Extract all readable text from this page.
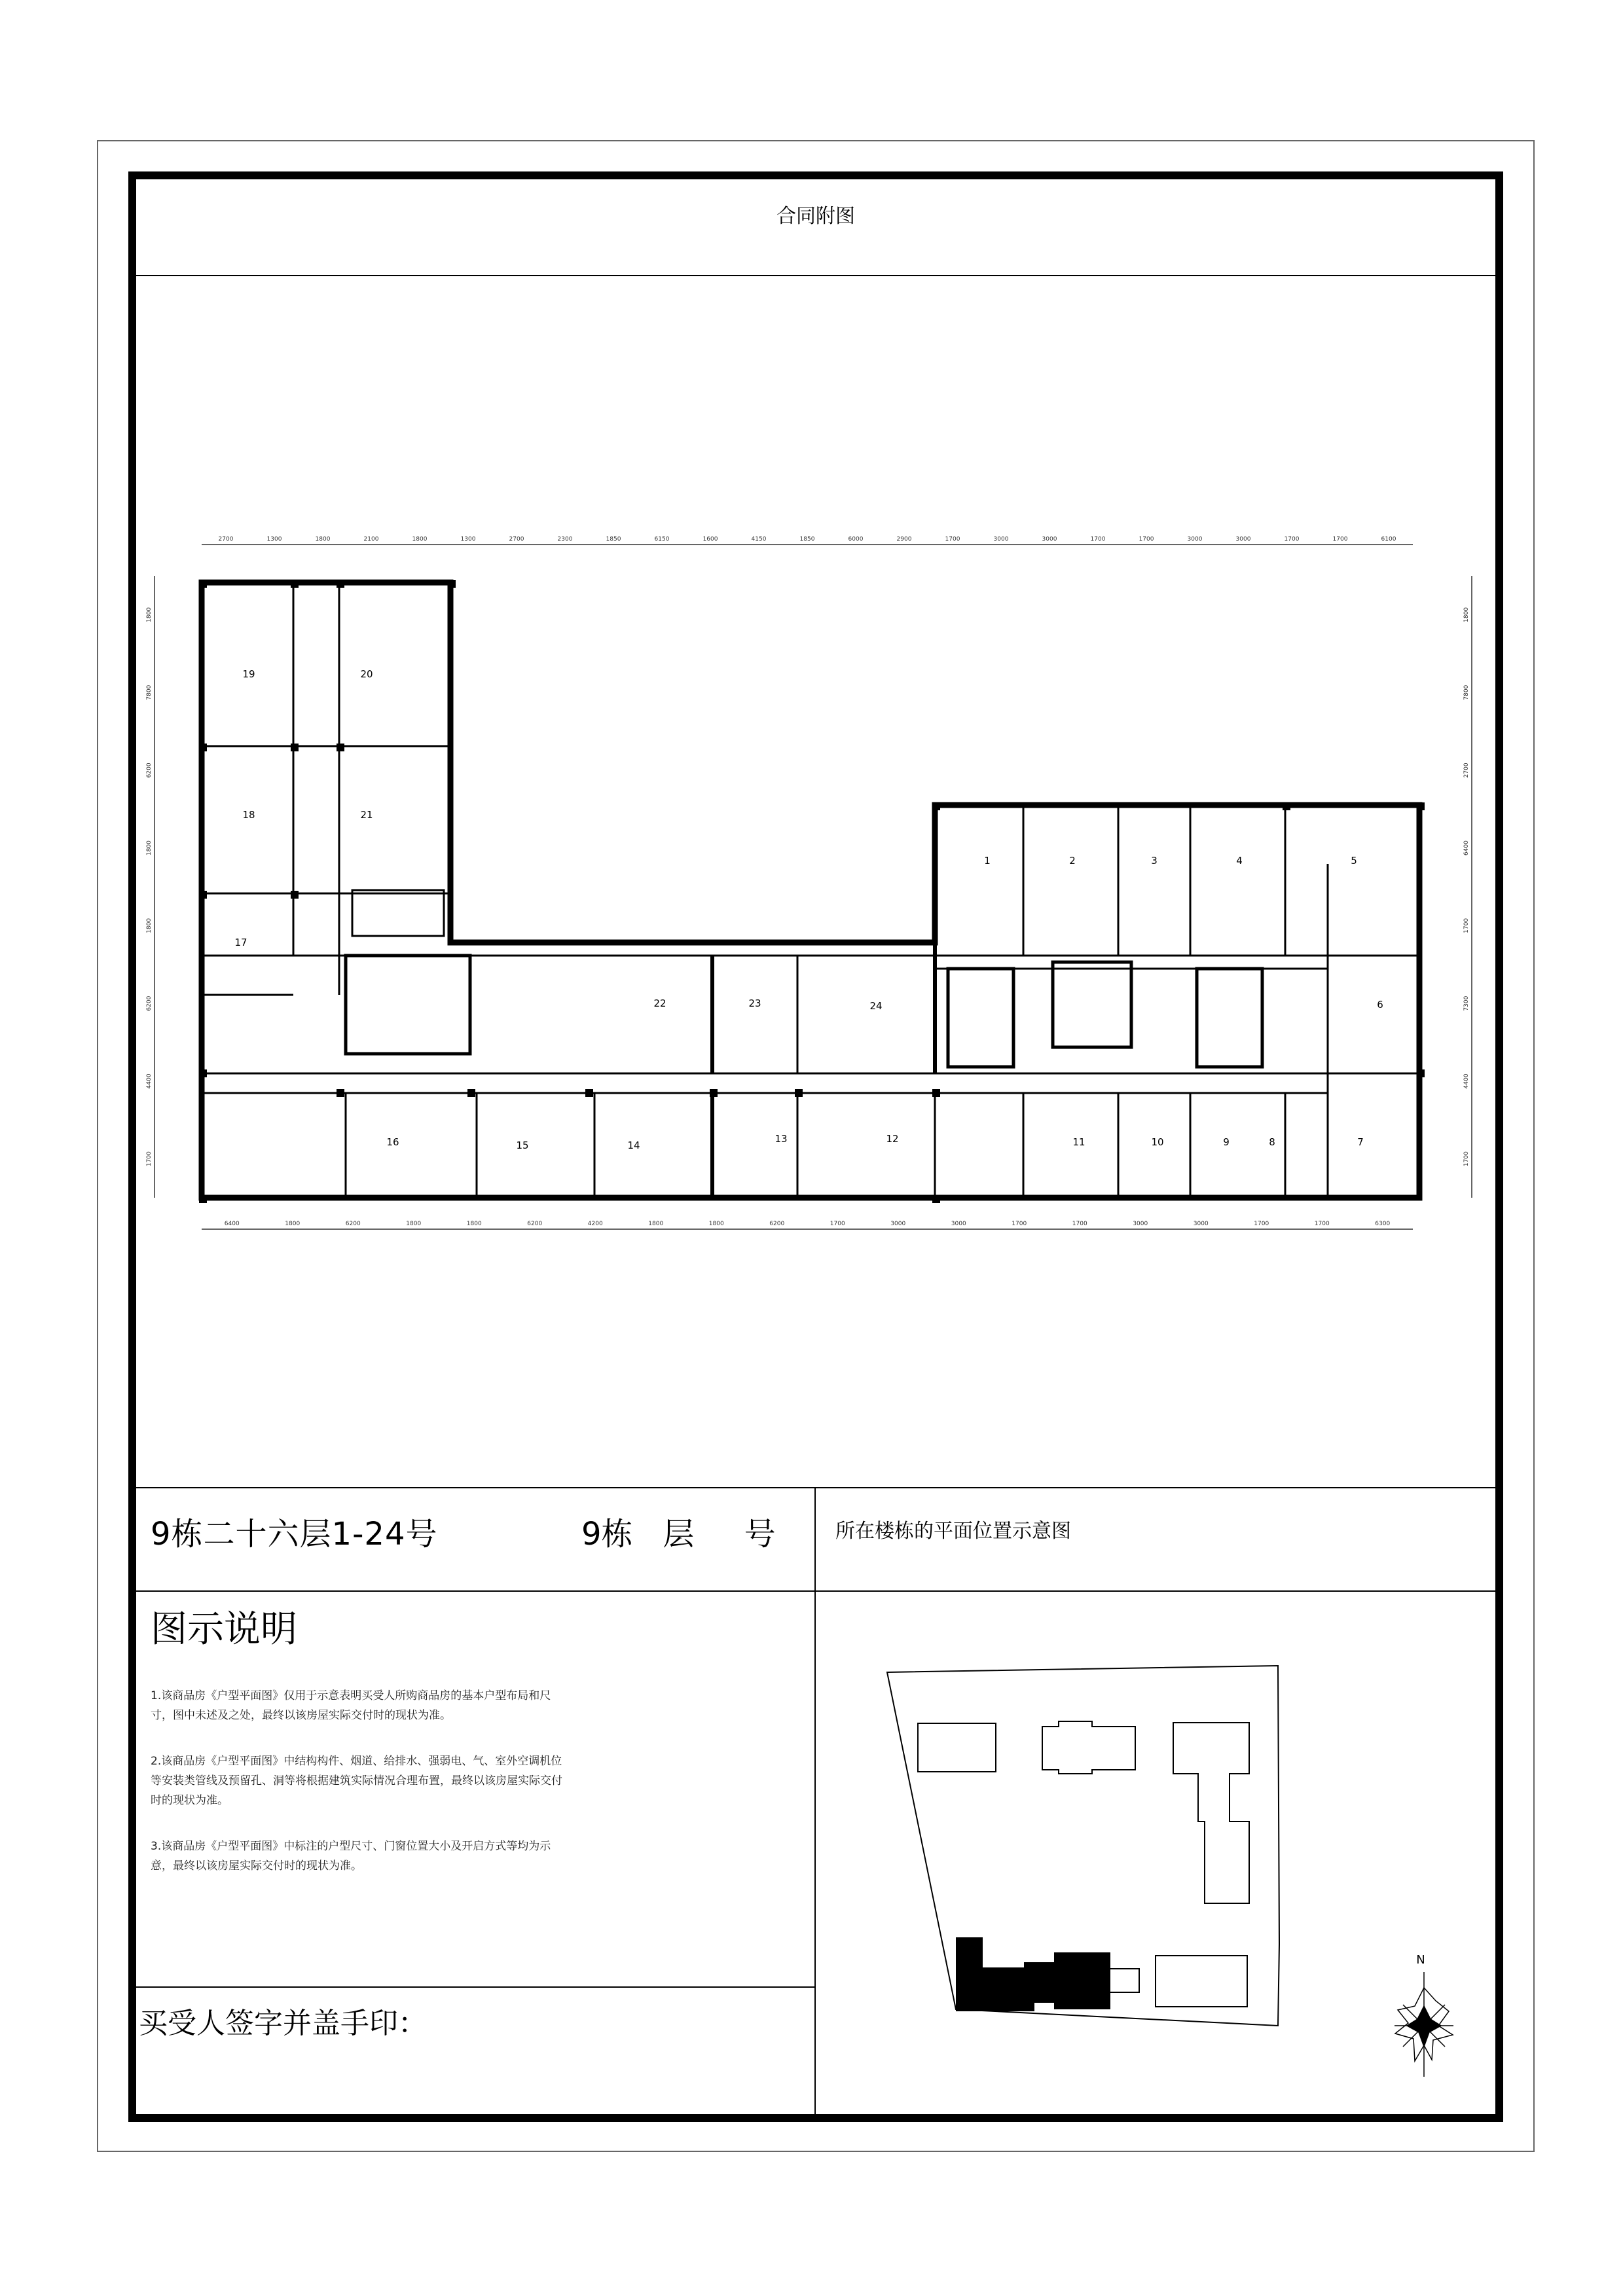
合同附图
2700	1300	1800	2100	1800	1300	2700	2300	1850	6150	1600	4150	1850	6000	2900	1700	3000	3000	1700	1700	3000	3000	1700	1700	6100
6400	1800	6200	1800	1800	6200	4200	1800	1800	6200	1700	3000	3000	1700	1700	3000	3000	1700	1700	6300
1800
7800
6200
1800
1800
6200
4400
1700
1800
7800
2700
6400
1700
7300
4400
1700
1	2	3	4	5
6
7
8
9
10
11
12
13
14
15
16
17
18
19	20
21
22	23	24
9栋二十六层1-24号	9栋   层     号	所在楼栋的平面位置示意图
图示说明
1.该商品房《户型平面图》仅用于示意表明买受人所购商品房的基本户型布局和尺寸，图中未述及之处，最终以该房屋实际交付时的现状为准。
2.该商品房《户型平面图》中结构构件、烟道、给排水、强弱电、气、室外空调机位等安装类管线及预留孔、洞等将根据建筑实际情况合理布置，最终以该房屋实际交付时的现状为准。
3.该商品房《户型平面图》中标注的户型尺寸、门窗位置大小及开启方式等均为示意，最终以该房屋实际交付时的现状为准。
买受人签字并盖手印：
N
